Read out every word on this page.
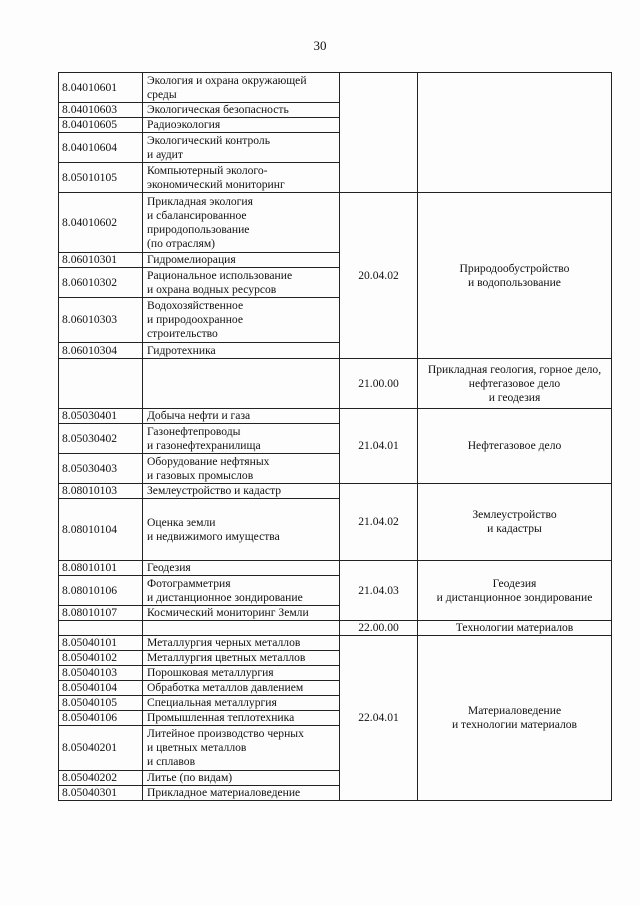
30
8.04010601	Экология и охрана окружающей
среды		
8.04010603	Экологическая безопасность		
8.04010605	Радиоэкология		
8.04010604	Экологический контроль
и аудит		
8.05010105	Компьютерный эколого-
экономический мониторинг		
8.04010602	Прикладная экология
и сбалансированное
природопользование
(по отраслям)	20.04.02	Природообустройство
и водопользование
8.06010301	Гидромелиорация		
8.06010302	Рациональное использование
и охрана водных ресурсов		
8.06010303	Водохозяйственное
и природоохранное
строительство		
8.06010304	Гидротехника		
		21.00.00	Прикладная геология, горное дело,
нефтегазовое дело
и геодезия
8.05030401	Добыча нефти и газа	21.04.01	Нефтегазовое дело
8.05030402	Газонефтепроводы
и газонефтехранилища		
8.05030403	Оборудование нефтяных
и газовых промыслов		
8.08010103	Землеустройство и кадастр	21.04.02	Землеустройство
и кадастры
8.08010104	Оценка земли
и недвижимого имущества		
8.08010101	Геодезия	21.04.03	Геодезия
и дистанционное зондирование
8.08010106	Фотограмметрия
и дистанционное зондирование		
8.08010107	Космический мониторинг Земли		
		22.00.00	Технологии материалов
8.05040101	Металлургия черных металлов	22.04.01	Материаловедение
и технологии материалов
8.05040102	Металлургия цветных металлов		
8.05040103	Порошковая металлургия		
8.05040104	Обработка металлов давлением		
8.05040105	Специальная металлургия		
8.05040106	Промышленная теплотехника		
8.05040201	Литейное производство черных
и цветных металлов
и сплавов		
8.05040202	Литье (по видам)		
8.05040301	Прикладное материаловедение		
